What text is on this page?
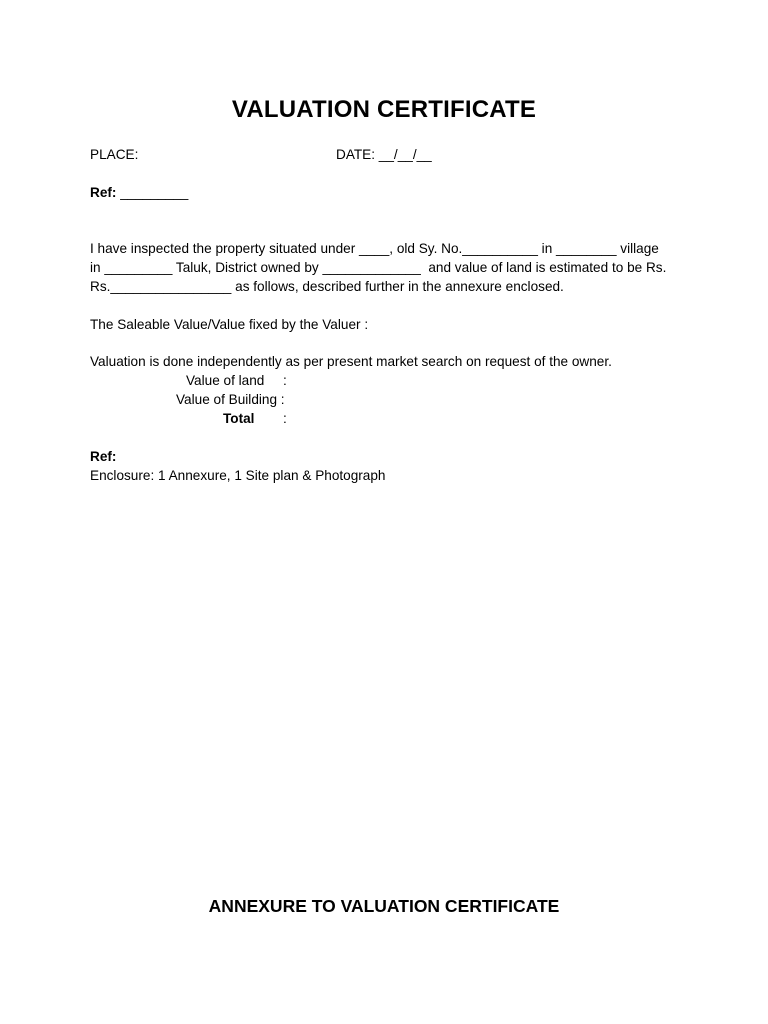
VALUATION CERTIFICATE
PLACE:	DATE: __/__/__
Ref: _________
I have inspected the property situated under ____, old Sy. No.__________ in ________ village
in _________ Taluk, District owned by _____________  and value of land is estimated to be Rs.
Rs.________________ as follows, described further in the annexure enclosed.
The Saleable Value/Value fixed by the Valuer :
Valuation is done independently as per present market search on request of the owner.
Value of land :
Value of Building :
Total :
Ref:
Enclosure: 1 Annexure, 1 Site plan & Photograph
ANNEXURE TO VALUATION CERTIFICATE
